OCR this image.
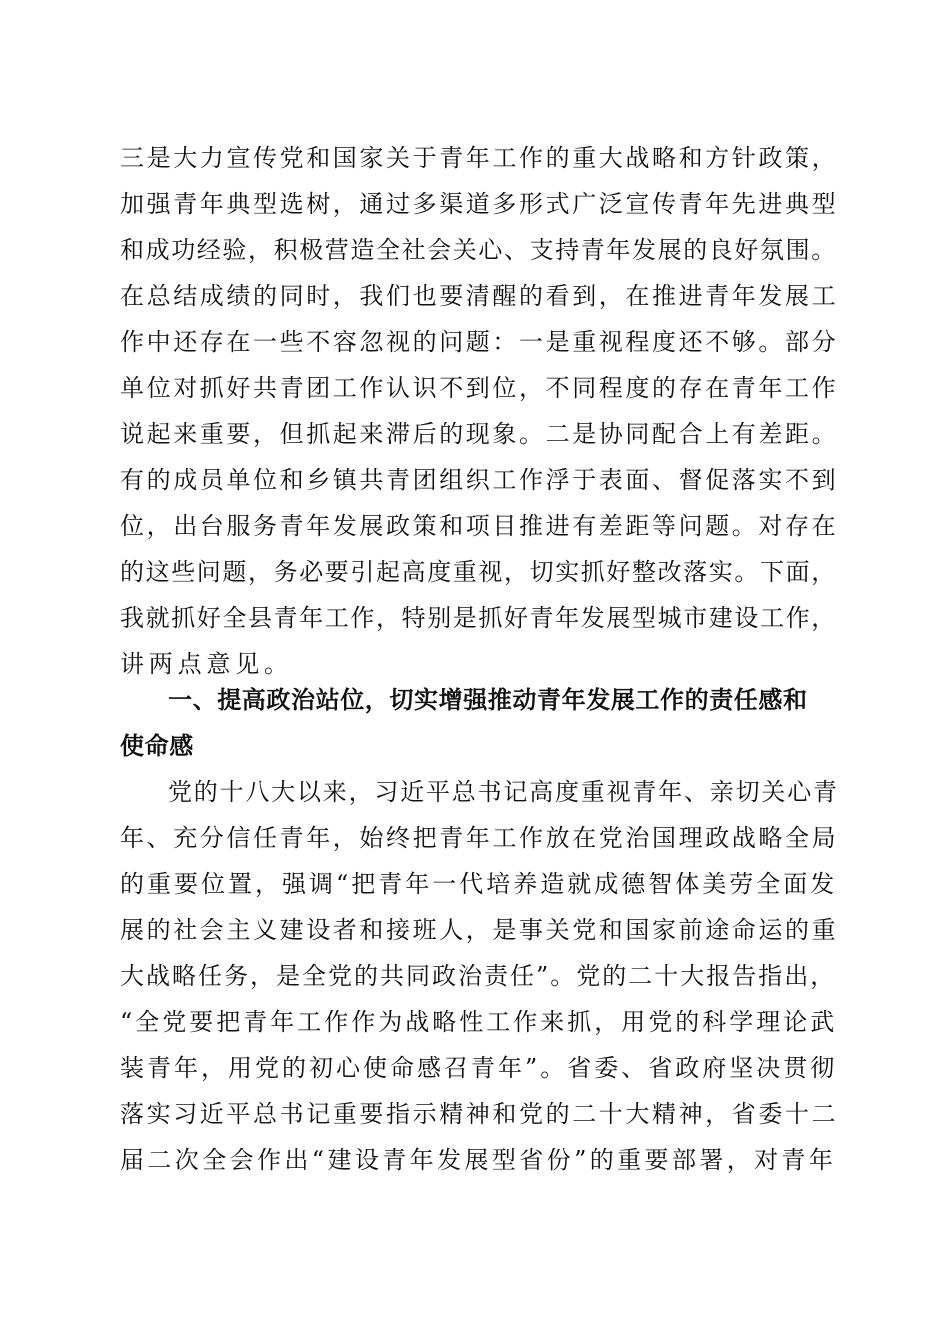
三是大力宣传党和国家关于青年工作的重大战略和方针政策，
加强青年典型选树，通过多渠道多形式广泛宣传青年先进典型
和成功经验，积极营造全社会关心、支持青年发展的良好氛围。
在总结成绩的同时，我们也要清醒的看到，在推进青年发展工
作中还存在一些不容忽视的问题：一是重视程度还不够。部分
单位对抓好共青团工作认识不到位，不同程度的存在青年工作
说起来重要，但抓起来滞后的现象。二是协同配合上有差距。
有的成员单位和乡镇共青团组织工作浮于表面、督促落实不到
位，出台服务青年发展政策和项目推进有差距等问题。对存在
的这些问题，务必要引起高度重视，切实抓好整改落实。下面，
我就抓好全县青年工作，特别是抓好青年发展型城市建设工作，
讲两点意见。
一、提高政治站位，切实增强推动青年发展工作的责任感和
使命感
党的十八大以来，习近平总书记高度重视青年、亲切关心青
年、充分信任青年，始终把青年工作放在党治国理政战略全局
的重要位置，强调“把青年一代培养造就成德智体美劳全面发
展的社会主义建设者和接班人，是事关党和国家前途命运的重
大战略任务，是全党的共同政治责任”。党的二十大报告指出，
“全党要把青年工作作为战略性工作来抓，用党的科学理论武
装青年，用党的初心使命感召青年”。省委、省政府坚决贯彻
落实习近平总书记重要指示精神和党的二十大精神，省委十二
届二次全会作出“建设青年发展型省份”的重要部署，对青年
